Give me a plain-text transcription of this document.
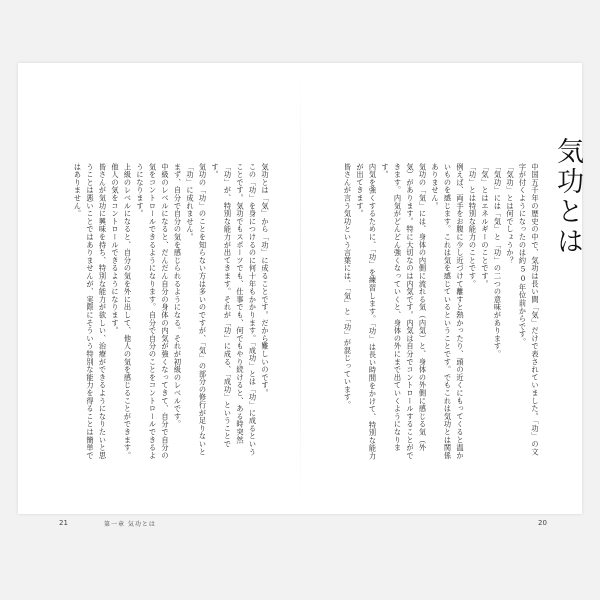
気功とは

中国五千年の歴史の中で、気功は長い間「気」だけで表されていました。「功」の文字が付くようになったのは約50年位前からです。

「気功」とは何でしょうか？

「気功」には「気」と「功」の二つの意味があります。

「気」とはエネルギーのことです。

「功」とは特別な能力のことです。

例えば、両手をお腹に少し近づけて離すと熱かったり、頭の近くにもってくると温かいものを感じます。これは気を感じているということです。でもこれは気功とは関係ありません。

気功の「気」には、身体の内側に流れる気（内気）と、身体の外側に感じる気（外気）があります。特に大切なのは内気です。内気は自分でコントロールすることができます。内気がどんどん強くなっていくと、身体の外にまで出ていくようになります。

内気を強くするために、「功」を練習します。「功」は長い時間をかけて、特別な能力が出てきます。

皆さんが言う気功という言葉には、「気」と「功」が混じっています。

気功とは「気」から「功」に成ることです。だから難しいのです。

この「功」を身につけるのに何十年もかかります。「成功」とは「功」に成るということです。気功でもスポーツでも、仕事でも、何でもやり続けると、ある時突然「功」が、特別な能力が出てきます。それが「功」に成る、「成功」ということです。

気功の「功」のことを知らない方は多いのですが、「気」の部分の修行が足りないと「功」に成れません。

まず、自分で自分の気を感じられるようになる。それが初級のレベルです。

中級のレベルになると、だんだん自分の身体の内気が強くなってきて、自分で自分の気をコントロールできるようになります。自分で自分のことをコントロールできるようになります。

上級のレベルになると、自分の気を外に出して、他人の気を感じることができます。他人の気をコントロールできるようになります。

皆さんが気功に興味を持ち、特別な能力が欲しい、治療ができるようになりたいと思うことは悪いことではありませんが、実際にそういう特別な能力を得ることは簡単ではありません。

21	第一章 気功とは	20
